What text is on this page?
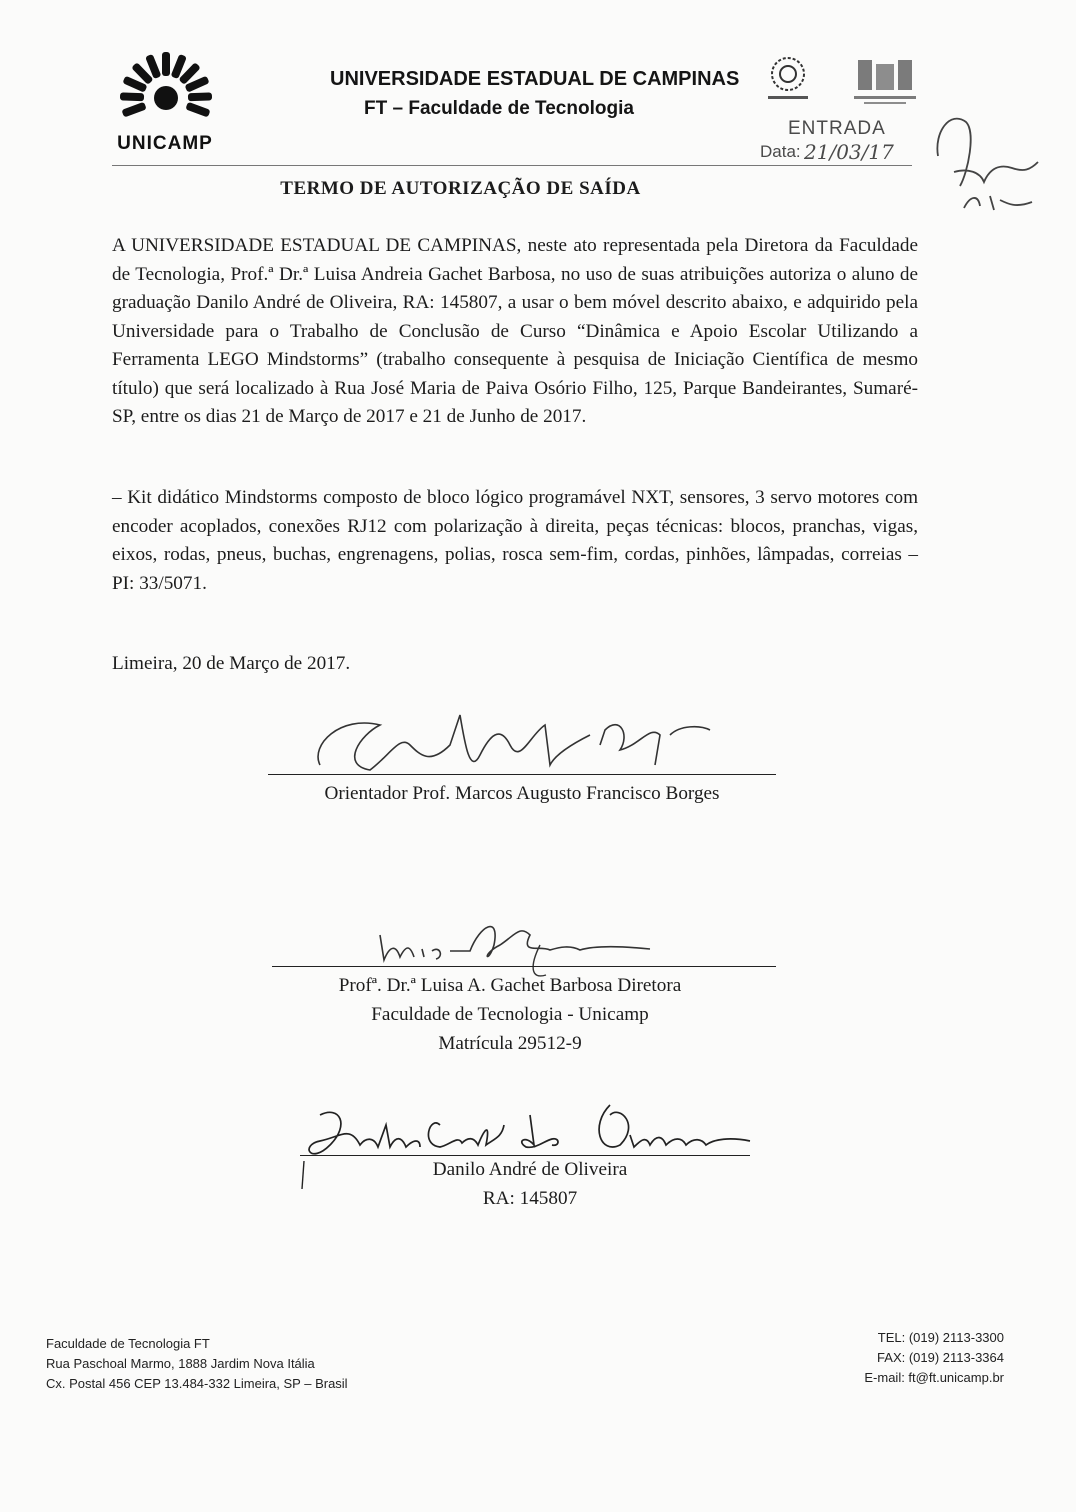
UNICAMP
UNIVERSIDADE ESTADUAL DE CAMPINAS
FT – Faculdade de Tecnologia
ENTRADA
Data: 21/03/17
TERMO DE AUTORIZAÇÃO DE SAÍDA

A UNIVERSIDADE ESTADUAL DE CAMPINAS, neste ato representada pela Diretora da Faculdade de Tecnologia, Prof.ª Dr.ª Luisa Andreia Gachet Barbosa, no uso de suas atribuições autoriza o aluno de graduação Danilo André de Oliveira, RA: 145807, a usar o bem móvel descrito abaixo, e adquirido pela Universidade para o Trabalho de Conclusão de Curso “Dinâmica e Apoio Escolar Utilizando a Ferramenta LEGO Mindstorms” (trabalho consequente à pesquisa de Iniciação Científica de mesmo título) que será localizado à Rua José Maria de Paiva Osório Filho, 125, Parque Bandeirantes, Sumaré-SP, entre os dias 21 de Março de 2017 e 21 de Junho de 2017.

– Kit didático Mindstorms composto de bloco lógico programável NXT, sensores, 3 servo motores com encoder acoplados, conexões RJ12 com polarização à direita, peças técnicas: blocos, pranchas, vigas, eixos, rodas, pneus, buchas, engrenagens, polias, rosca sem-fim, cordas, pinhões, lâmpadas, correias – PI: 33/5071.

Limeira, 20 de Março de 2017.
Orientador Prof. Marcos Augusto Francisco Borges
Profª. Dr.ª Luisa A. Gachet Barbosa Diretora
Faculdade de Tecnologia - Unicamp
Matrícula 29512-9
Danilo André de Oliveira
RA: 145807
Faculdade de Tecnologia FT
Rua Paschoal Marmo, 1888 Jardim Nova Itália
Cx. Postal 456 CEP 13.484-332 Limeira, SP – Brasil
TEL: (019) 2113-3300
FAX: (019) 2113-3364
E-mail: ft@ft.unicamp.br
